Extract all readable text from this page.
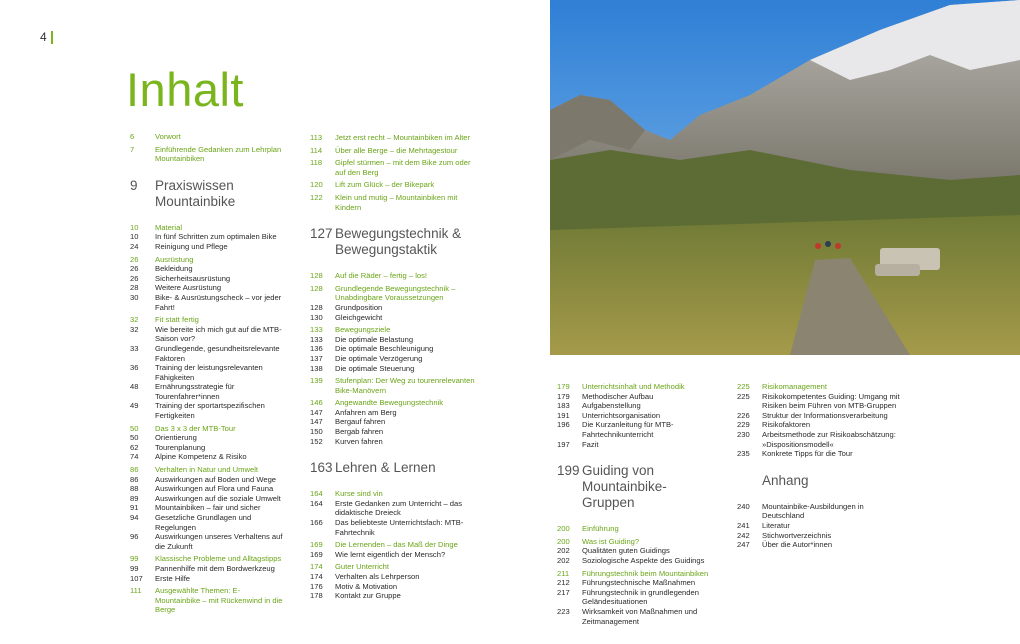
4
Inhalt
6	Vorwort
7	Einführende Gedanken zum Lehrplan Mountainbiken
9	Praxiswissen Mountainbike
10	Material
10	In fünf Schritten zum optimalen Bike
24	Reinigung und Pflege
26	Ausrüstung
26	Bekleidung
26	Sicherheitsausrüstung
28	Weitere Ausrüstung
30	Bike- & Ausrüstungscheck – vor jeder Fahrt!
32	Fit statt fertig
32	Wie bereite ich mich gut auf die MTB-Saison vor?
33	Grundlegende, gesundheitsrelevante Faktoren
36	Training der leistungsrelevanten Fähigkeiten
48	Ernährungsstrategie für Tourenfahrer*innen
49	Training der sportartspezifischen Fertigkeiten
50	Das 3 x 3 der MTB-Tour
50	Orientierung
62	Tourenplanung
74	Alpine Kompetenz & Risiko
86	Verhalten in Natur und Umwelt
86	Auswirkungen auf Boden und Wege
88	Auswirkungen auf Flora und Fauna
89	Auswirkungen auf die soziale Umwelt
91	Mountainbiken – fair und sicher
94	Gesetzliche Grundlagen und Regelungen
96	Auswirkungen unseres Verhaltens auf die Zukunft
99	Klassische Probleme und Alltagstipps
99	Pannenhilfe mit dem Bordwerkzeug
107	Erste Hilfe
111	Ausgewählte Themen: E-Mountainbike – mit Rückenwind in die Berge
113	Jetzt erst recht – Mountainbiken im Alter
114	Über alle Berge – die Mehrtagestour
118	Gipfel stürmen – mit dem Bike zum oder auf den Berg
120	Lift zum Glück – der Bikepark
122	Klein und mutig – Mountainbiken mit Kindern
127 Bewegungstechnik & Bewegungstaktik
128	Auf die Räder – fertig – los!
128	Grundlegende Bewegungstechnik – Unabdingbare Voraussetzungen
128	Grundposition
130	Gleichgewicht
133	Bewegungsziele
133	Die optimale Belastung
136	Die optimale Beschleunigung
137	Die optimale Verzögerung
138	Die optimale Steuerung
139	Stufenplan: Der Weg zu tourenrelevanten Bike-Manövern
146	Angewandte Bewegungstechnik
147	Anfahren am Berg
147	Bergauf fahren
150	Bergab fahren
152	Kurven fahren
163 Lehren & Lernen
164	Kurse sind vin
164	Erste Gedanken zum Unterricht – das didaktische Dreieck
166	Das beliebteste Unterrichtsfach: MTB-Fahrtechnik
169	Die Lernenden – das Maß der Dinge
169	Wie lernt eigentlich der Mensch?
174	Guter Unterricht
174	Verhalten als Lehrperson
176	Motiv & Motivation
178	Kontakt zur Gruppe
179	Unterrichtsinhalt und Methodik
179	Methodischer Aufbau
183	Aufgabenstellung
191	Unterrichtsorganisation
196	Die Kurzanleitung für MTB-Fahrtechnikunterricht
197	Fazit
199 Guiding von Mountainbike-Gruppen
200	Einführung
200	Was ist Guiding?
202	Qualitäten guten Guidings
202	Soziologische Aspekte des Guidings
211	Führungstechnik beim Mountainbiken
212	Führungstechnische Maßnahmen
217	Führungstechnik in grundlegenden Geländesituationen
223	Wirksamkeit von Maßnahmen und Zeitmanagement
225	Risikomanagement
225	Risikokompetentes Guiding: Umgang mit Risiken beim Führen von MTB-Gruppen
226	Struktur der Informationsverarbeitung
229	Risikofaktoren
230	Arbeitsmethode zur Risikoabschätzung: »Dispositionsmodell«
235	Konkrete Tipps für die Tour
Anhang
240	Mountainbike-Ausbildungen in Deutschland
241	Literatur
242	Stichwortverzeichnis
247	Über die Autor*innen
